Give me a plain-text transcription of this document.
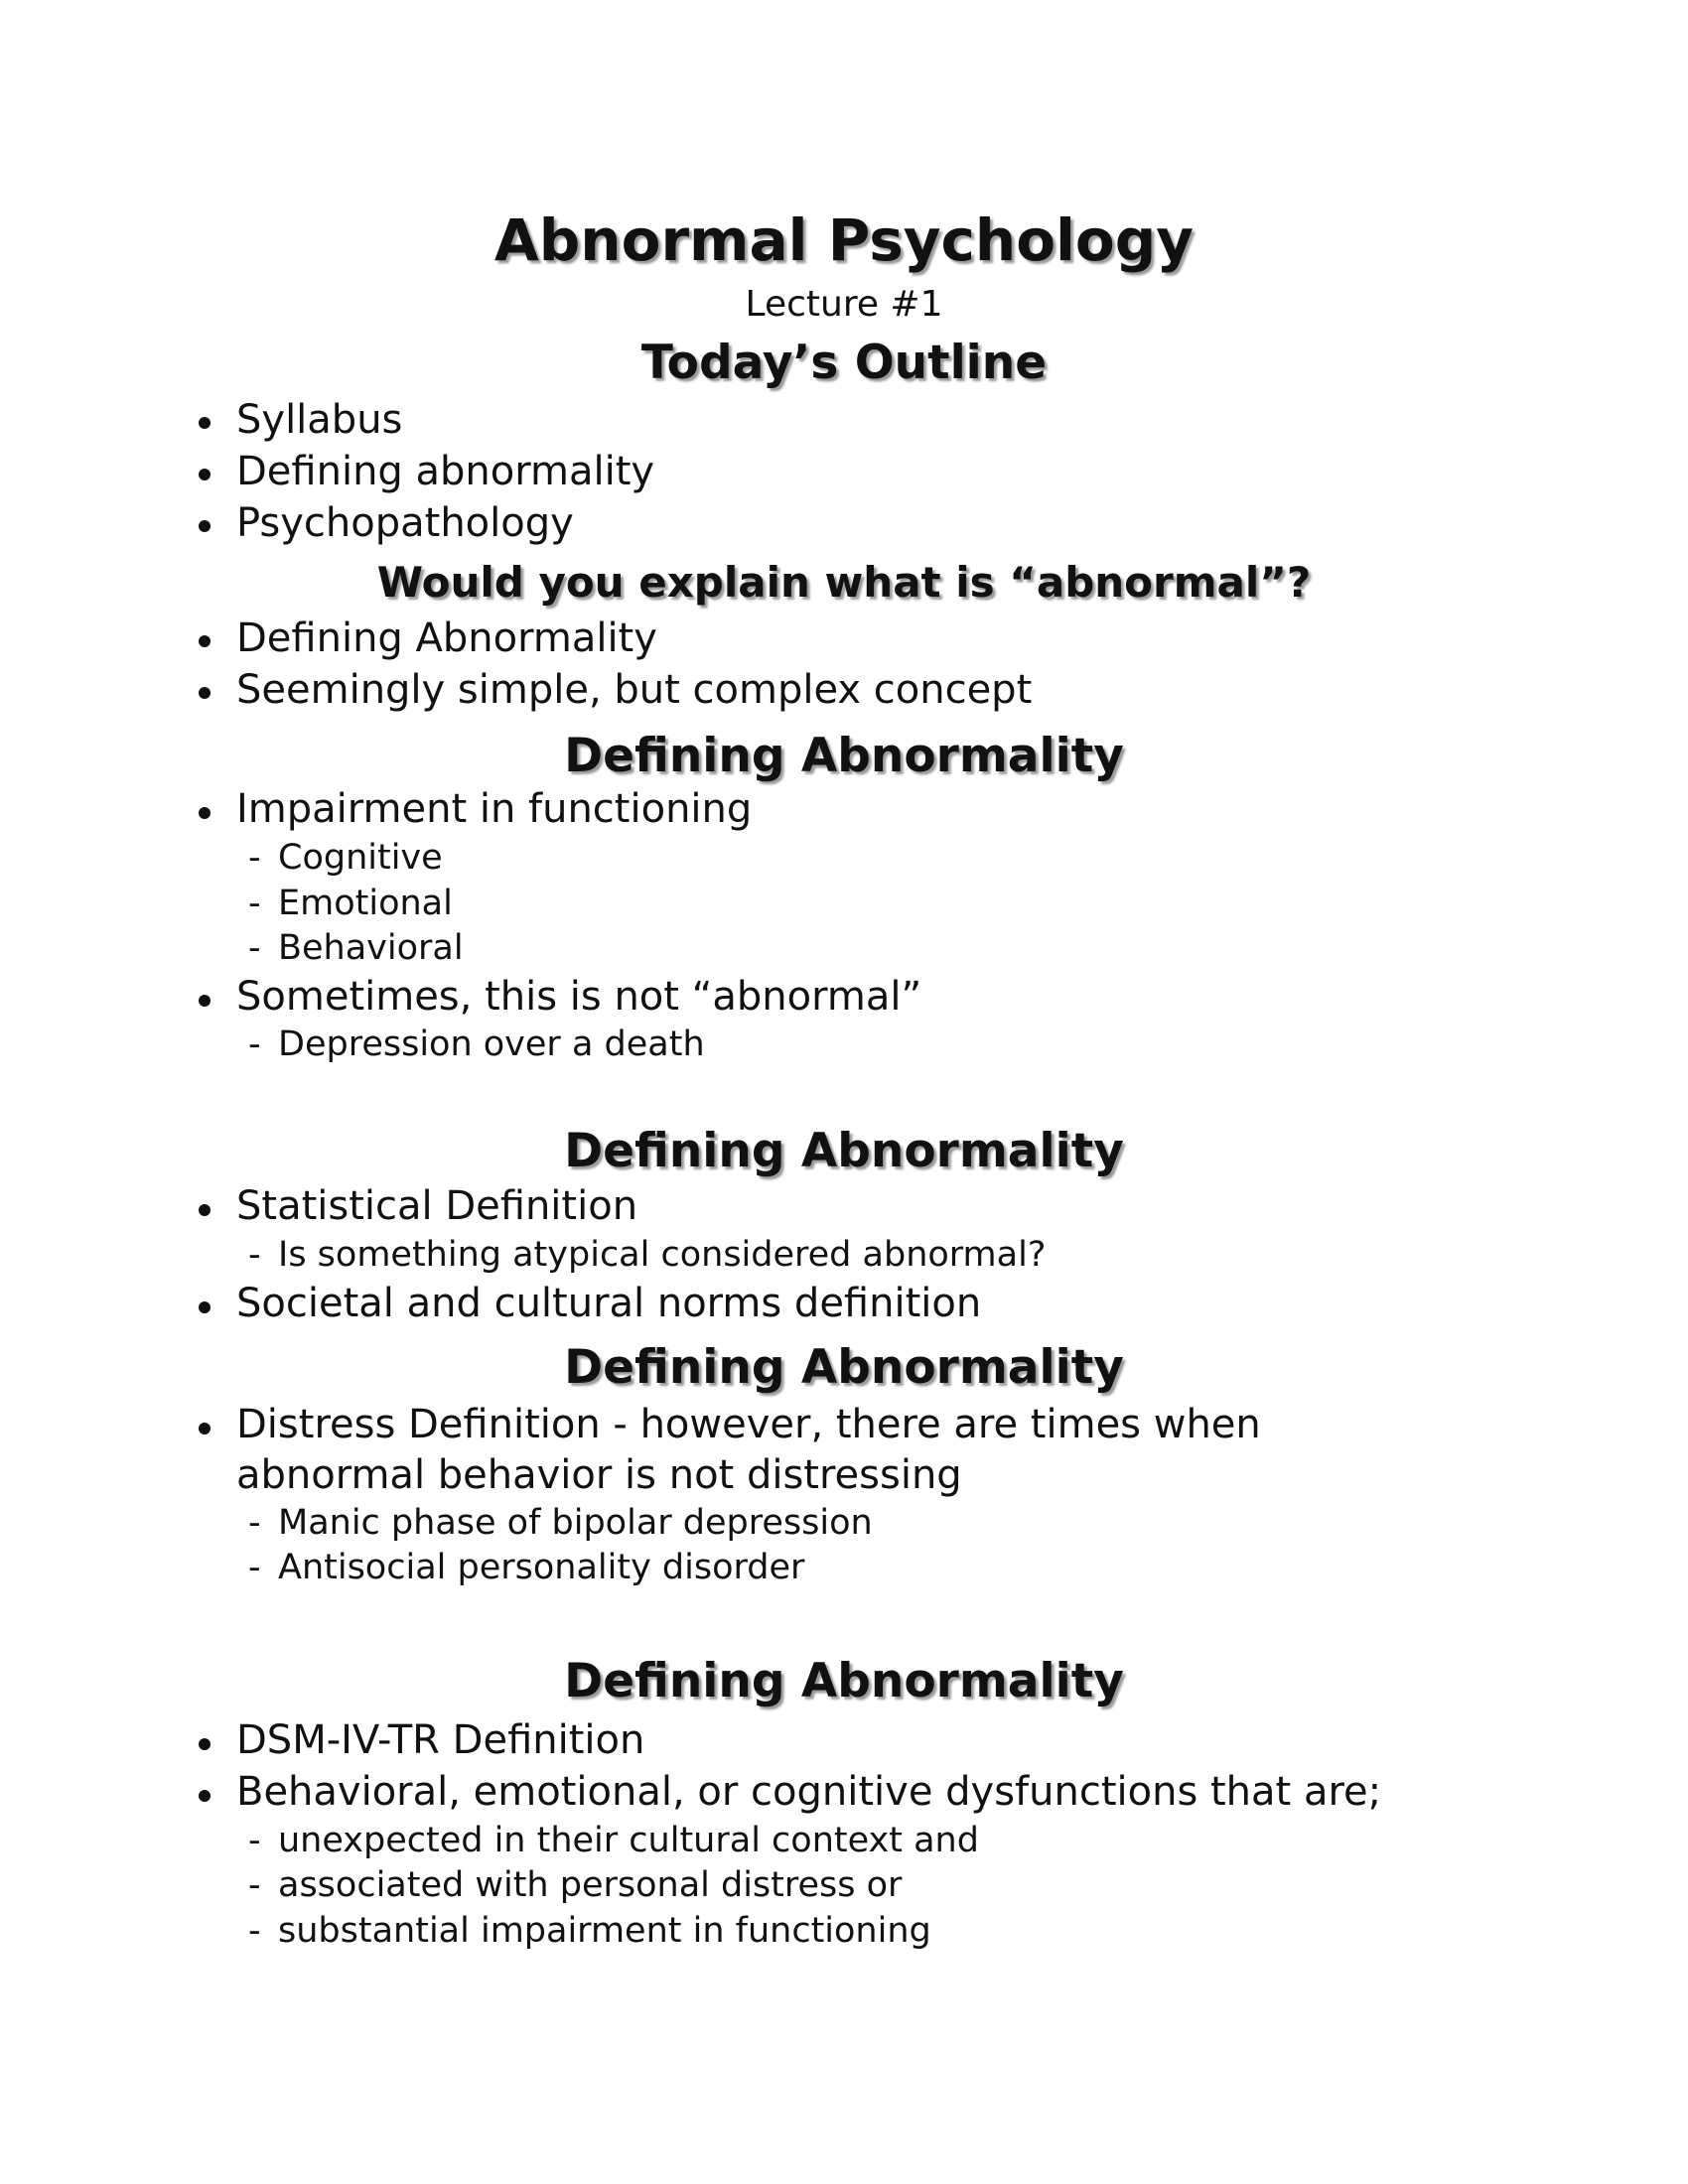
Abnormal Psychology
Lecture #1
Today’s Outline
Syllabus
Defining abnormality
Psychopathology
Would you explain what is “abnormal”?
Defining Abnormality
Seemingly simple, but complex concept
Defining Abnormality
Impairment in functioning
- Cognitive
- Emotional
- Behavioral
Sometimes, this is not “abnormal”
- Depression over a death
Defining Abnormality
Statistical Definition
- Is something atypical considered abnormal?
Societal and cultural norms definition
Defining Abnormality
Distress Definition - however, there are times when
abnormal behavior is not distressing
- Manic phase of bipolar depression
- Antisocial personality disorder
Defining Abnormality
DSM-IV-TR Definition
Behavioral, emotional, or cognitive dysfunctions that are;
- unexpected in their cultural context and
- associated with personal distress or
- substantial impairment in functioning
